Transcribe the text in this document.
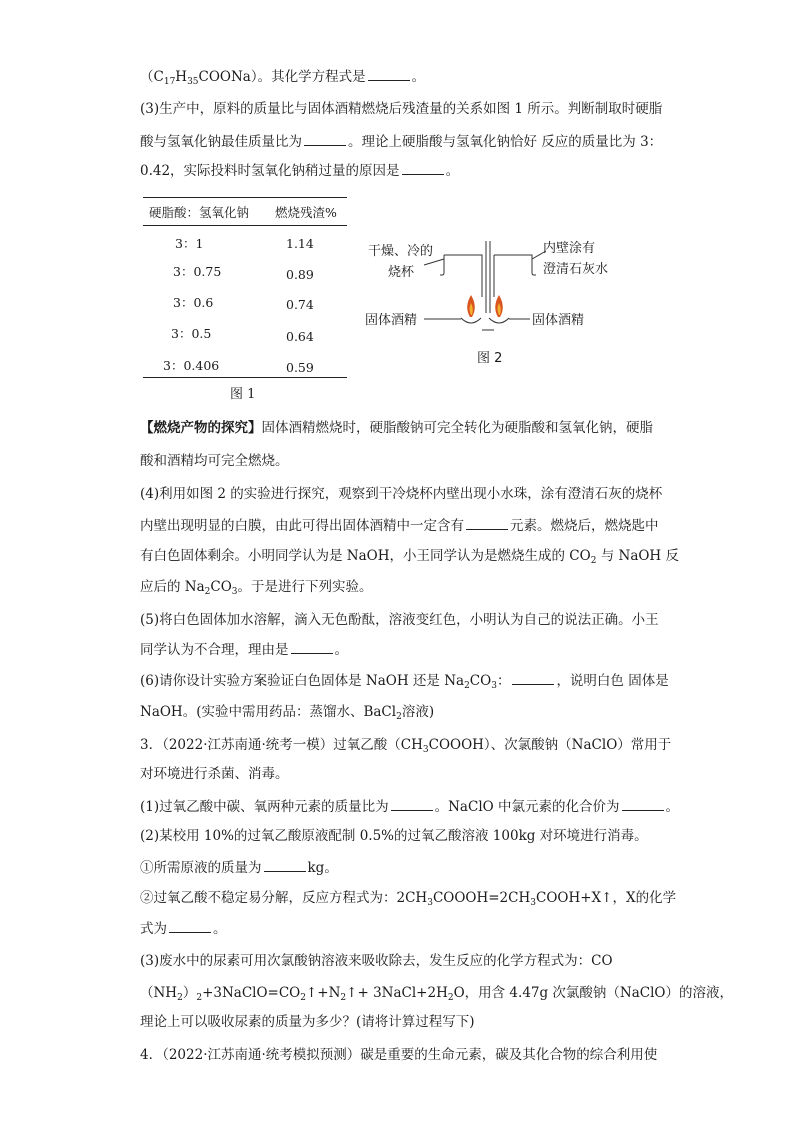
$(C_{17}H_{35}COONa)$。其化学方程式是	。
(3)生产中，原料的质量比与固体酒精燃烧后残渣量的关系如图 1 所示。判断制取时硬脂
酸与氢氧化钠最佳质量比为	。理论上硬脂酸与氢氧化钠恰好 反应的质量比为 3：
0.42，实际投料时氢氧化钠稍过量的原因是	。
硬脂酸：氢氧化钠 燃烧残渣%
3：1	1.14
3：0.75	0.89
3：0.6	0.74
3：0.5	0.64
3：0.406	0.59
图 1
干燥、冷的
烧杯
内壁涂有
澄清石灰水
固体酒精	固体酒精
图 2
【燃烧产物的探究】固体酒精燃烧时，硬脂酸钠可完全转化为硬脂酸和氢氧化钠，硬脂
酸和酒精均可完全燃烧。
(4)利用如图 2 的实验进行探究，观察到干冷烧杯内壁出现小水珠，涂有澄清石灰的烧杯
内壁出现明显的白膜，由此可得出固体酒精中一定含有	元素。燃烧后，燃烧匙中
有白色固体剩余。小明同学认为是 NaOH，小王同学认为是燃烧生成的 $CO_2$ 与 NaOH 反
应后的 $Na_2CO_3$。于是进行下列实验。
(5)将白色固体加水溶解，滴入无色酚酞，溶液变红色，小明认为自己的说法正确。小王
同学认为不合理，理由是	。
(6)请你设计实验方案验证白色固体是 NaOH 还是 $Na_2CO_3$：	，说明白色 固体是
NaOH。(实验中需用药品：蒸馏水、BaCl$_2$溶液)
3．（2022·江苏南通·统考一模）过氧乙酸$(CH_3COOOH)$、次氯酸钠（NaClO）常用于
对环境进行杀菌、消毒。
(1)过氧乙酸中碳、氧两种元素的质量比为	。NaClO 中氯元素的化合价为	。
(2)某校用 10%的过氧乙酸原液配制 0.5%的过氧乙酸溶液 100kg 对环境进行消毒。
①所需原液的质量为	kg。
②过氧乙酸不稳定易分解，反应方程式为：$2CH_3COOOH=2CH_3COOH+X↑$，X的化学
式为	。
(3)废水中的尿素可用次氯酸钠溶液来吸收除去，发生反应的化学方程式为：CO
$(NH_2)_2+3NaClO=CO_2↑+N_2↑+$ $3NaCl+2H_2O$，用含 4.47g 次氯酸钠（NaClO）的溶液，
理论上可以吸收尿素的质量为多少？(请将计算过程写下)
4．（2022·江苏南通·统考模拟预测）碳是重要的生命元素，碳及其化合物的综合利用使
